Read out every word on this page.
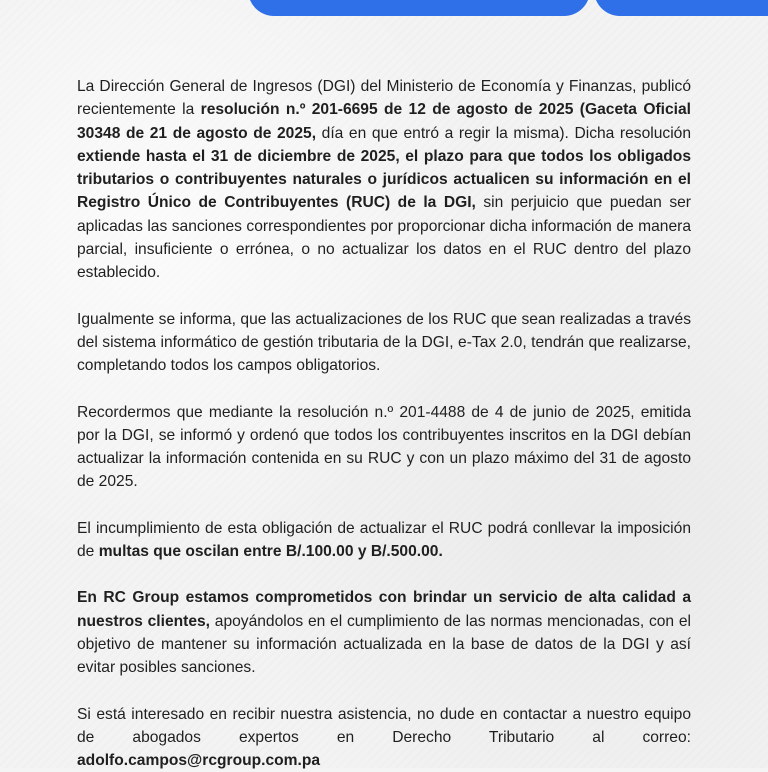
La Dirección General de Ingresos (DGI) del Ministerio de Economía y Finanzas, publicó recientemente la resolución n.º 201-6695 de 12 de agosto de 2025 (Gaceta Oficial 30348 de 21 de agosto de 2025, día en que entró a regir la misma). Dicha resolución extiende hasta el 31 de diciembre de 2025, el plazo para que todos los obligados tributarios o contribuyentes naturales o jurídicos actualicen su información en el Registro Único de Contribuyentes (RUC) de la DGI, sin perjuicio que puedan ser aplicadas las sanciones correspondientes por proporcionar dicha información de manera parcial, insuficiente o errónea, o no actualizar los datos en el RUC dentro del plazo establecido.

Igualmente se informa, que las actualizaciones de los RUC que sean realizadas a través del sistema informático de gestión tributaria de la DGI, e-Tax 2.0, tendrán que realizarse, completando todos los campos obligatorios.

Recordermos que mediante la resolución n.º 201-4488 de 4 de junio de 2025, emitida por la DGI, se informó y ordenó que todos los contribuyentes inscritos en la DGI debían actualizar la información contenida en su RUC y con un plazo máximo del 31 de agosto de 2025.

El incumplimiento de esta obligación de actualizar el RUC podrá conllevar la imposición de multas que oscilan entre B/.100.00 y B/.500.00.

En RC Group estamos comprometidos con brindar un servicio de alta calidad a nuestros clientes, apoyándolos en el cumplimiento de las normas mencionadas, con el objetivo de mantener su información actualizada en la base de datos de la DGI y así evitar posibles sanciones.

Si está interesado en recibir nuestra asistencia, no dude en contactar a nuestro equipo de abogados expertos en Derecho Tributario al correo: adolfo.campos@rcgroup.com.pa
